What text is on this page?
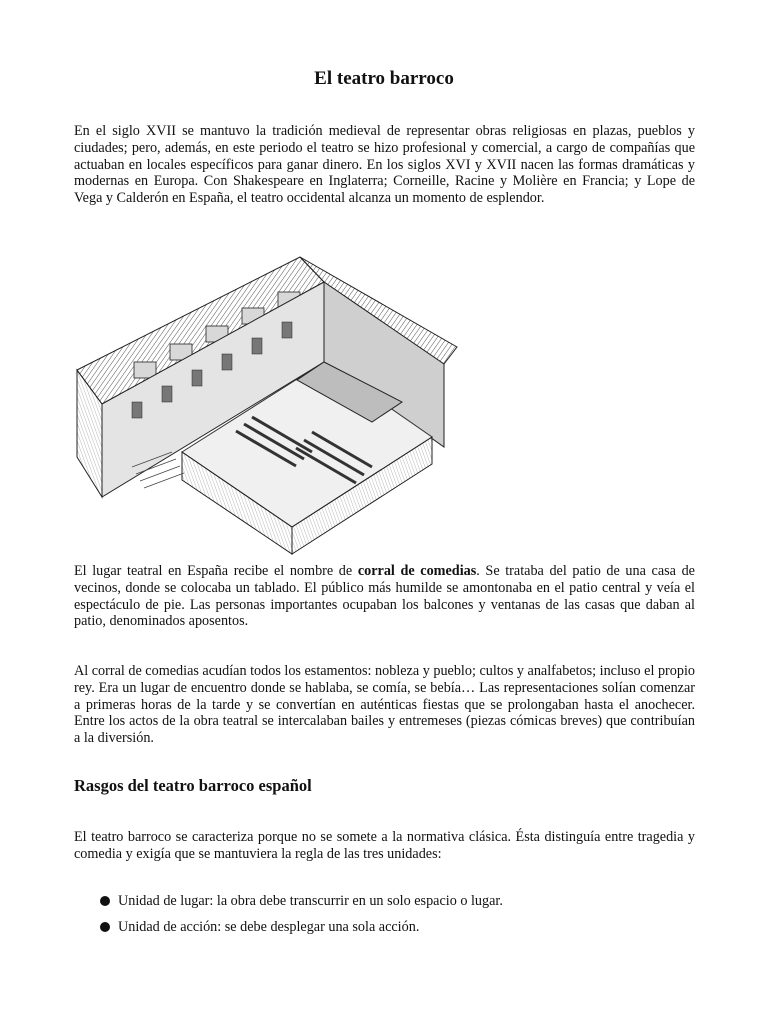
El teatro barroco

En el siglo XVII se mantuvo la tradición medieval de representar obras religiosas en plazas, pueblos y ciudades; pero, además, en este periodo el teatro se hizo profesional y comercial, a cargo de compañías que actuaban en locales específicos para ganar dinero. En los siglos XVI y XVII nacen las formas dramáticas y modernas en Europa. Con Shakespeare en Inglaterra; Corneille, Racine y Molière en Francia; y Lope de Vega y Calderón en España, el teatro occidental alcanza un momento de esplendor.

El lugar teatral en España recibe el nombre de corral de comedias. Se trataba del patio de una casa de vecinos, donde se colocaba un tablado. El público más humilde se amontonaba en el patio central y veía el espectáculo de pie. Las personas importantes ocupaban los balcones y ventanas de las casas que daban al patio, denominados aposentos.

Al corral de comedias acudían todos los estamentos: nobleza y pueblo; cultos y analfabetos; incluso el propio rey. Era un lugar de encuentro donde se hablaba, se comía, se bebía… Las representaciones solían comenzar a primeras horas de la tarde y se convertían en auténticas fiestas que se prolongaban hasta el anochecer. Entre los actos de la obra teatral se intercalaban bailes y entremeses (piezas cómicas breves) que contribuían a la diversión.

Rasgos del teatro barroco español

El teatro barroco se caracteriza porque no se somete a la normativa clásica. Ésta distinguía entre tragedia y comedia y exigía que se mantuviera la regla de las tres unidades:

Unidad de lugar: la obra debe transcurrir en un solo espacio o lugar.
Unidad de acción: se debe desplegar una sola acción.
